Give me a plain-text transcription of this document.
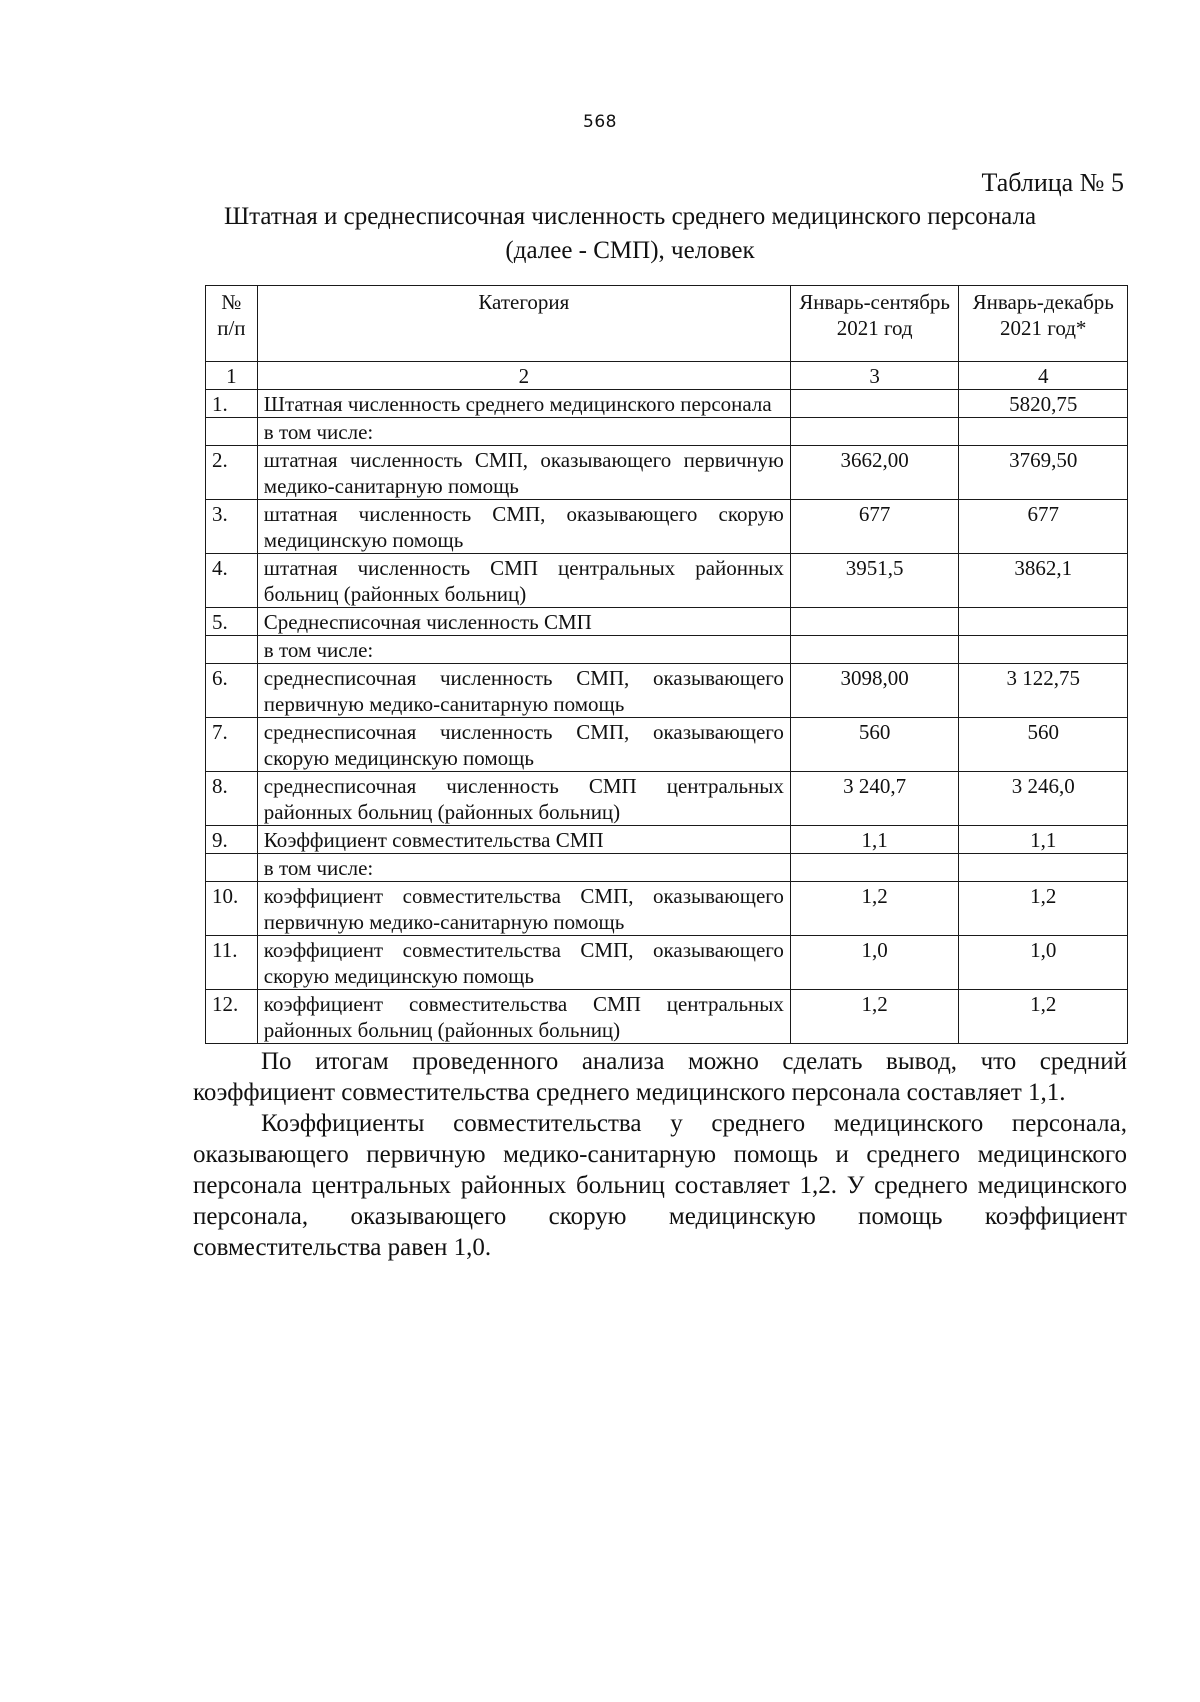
568
Таблица № 5
Штатная и среднесписочная численность среднего медицинского персонала (далее - СМП), человек
№ п/п	Категория	Январь-сентябрь 2021 год	Январь-декабрь 2021 год*
1	2	3	4
1.	Штатная численность среднего медицинского персонала		5820,75
	в том числе:		
2.	штатная численность СМП, оказывающего первичную медико-санитарную помощь	3662,00	3769,50
3.	штатная численность СМП, оказывающего скорую медицинскую помощь	677	677
4.	штатная численность СМП центральных районных больниц (районных больниц)	3951,5	3862,1
5.	Среднесписочная численность СМП		
	в том числе:		
6.	среднесписочная численность СМП, оказывающего первичную медико-санитарную помощь	3098,00	3 122,75
7.	среднесписочная численность СМП, оказывающего скорую медицинскую помощь	560	560
8.	среднесписочная численность СМП центральных районных больниц (районных больниц)	3 240,7	3 246,0
9.	Коэффициент совместительства СМП	1,1	1,1
	в том числе:		
10.	коэффициент совместительства СМП, оказывающего первичную медико-санитарную помощь	1,2	1,2
11.	коэффициент совместительства СМП, оказывающего скорую медицинскую помощь	1,0	1,0
12.	коэффициент совместительства СМП центральных районных больниц (районных больниц)	1,2	1,2

По итогам проведенного анализа можно сделать вывод, что средний коэффициент совместительства среднего медицинского персонала составляет 1,1.

Коэффициенты совместительства у среднего медицинского персонала, оказывающего первичную медико-санитарную помощь и среднего медицинского персонала центральных районных больниц составляет 1,2. У среднего медицинского персонала, оказывающего скорую медицинскую помощь коэффициент совместительства равен 1,0.
